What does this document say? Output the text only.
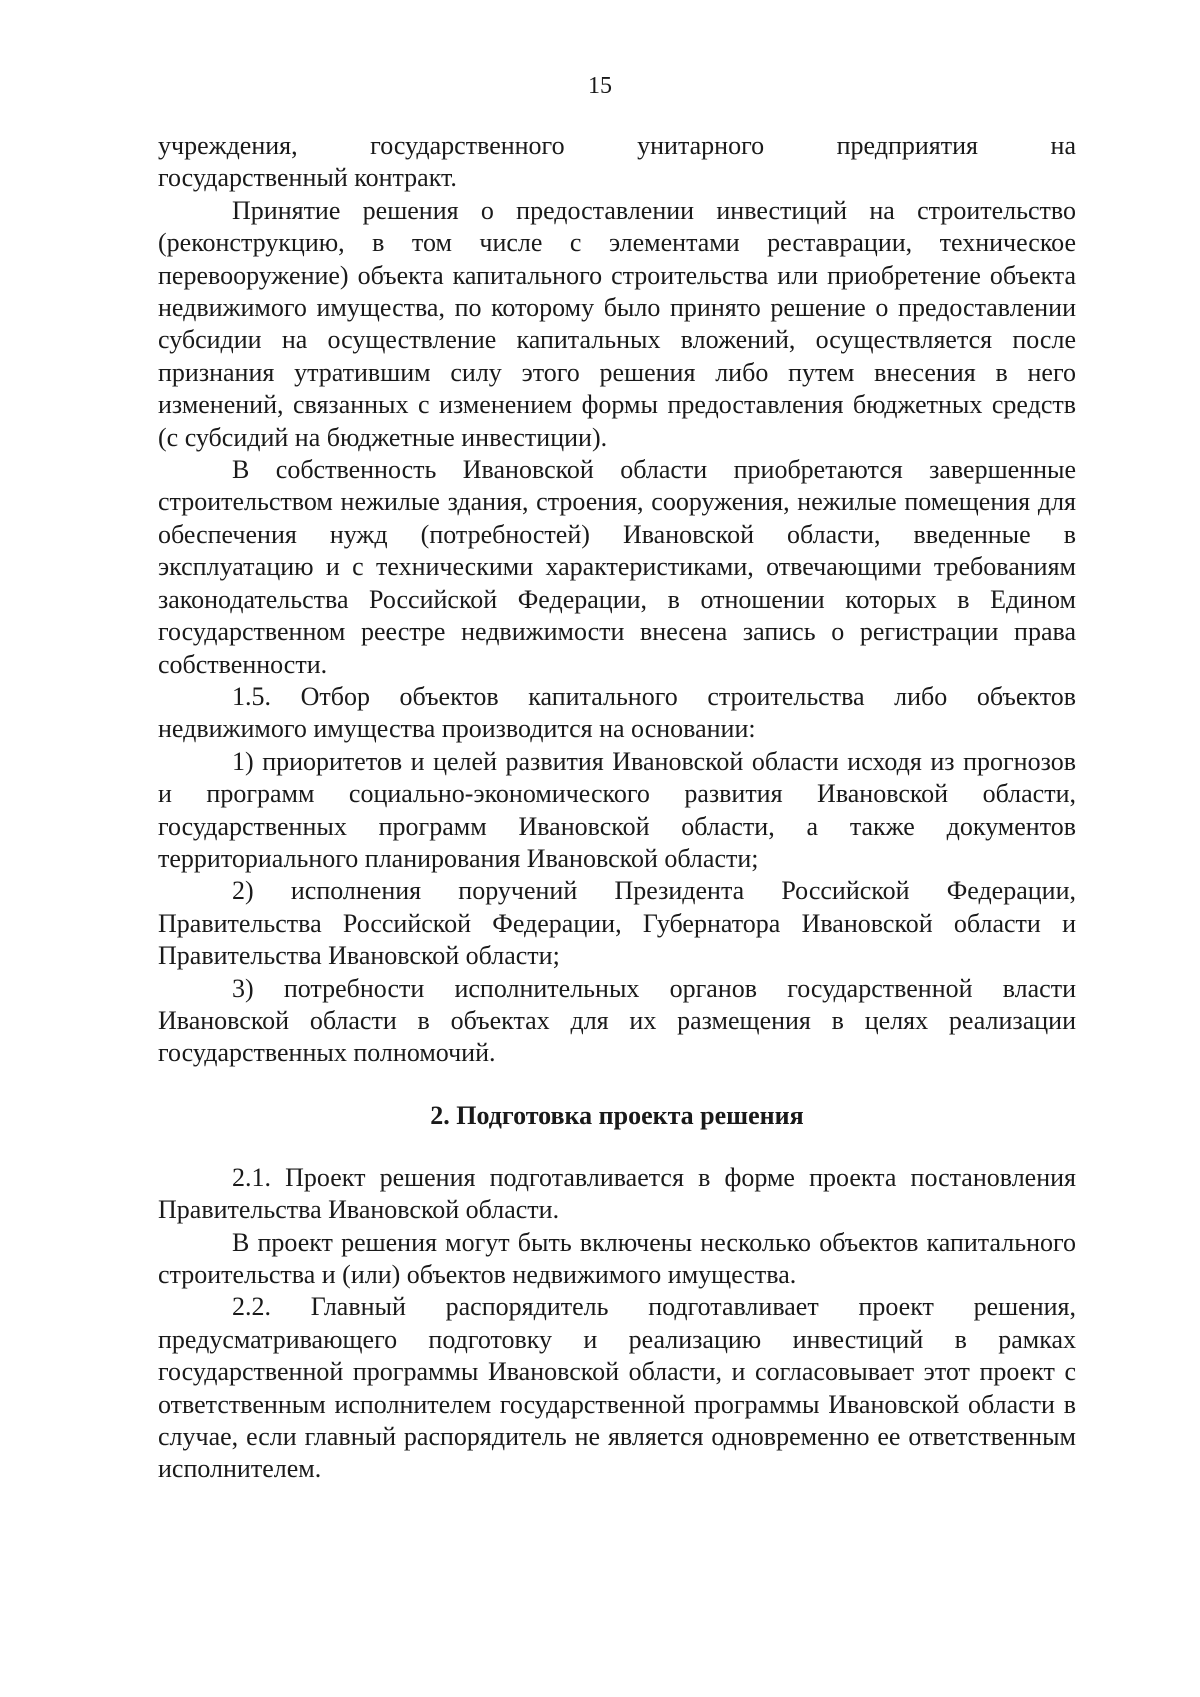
15

учреждения, государственного унитарного предприятия на

государственный контракт.

Принятие решения о предоставлении инвестиций на строительство (реконструкцию, в том числе с элементами реставрации, техническое перевооружение) объекта капитального строительства или приобретение объекта недвижимого имущества, по которому было принято решение о предоставлении субсидии на осуществление капитальных вложений, осуществляется после признания утратившим силу этого решения либо путем внесения в него изменений, связанных с изменением формы предоставления бюджетных средств (с субсидий на бюджетные инвестиции).

В собственность Ивановской области приобретаются завершенные строительством нежилые здания, строения, сооружения, нежилые помещения для обеспечения нужд (потребностей) Ивановской области, введенные в эксплуатацию и с техническими характеристиками, отвечающими требованиям законодательства Российской Федерации, в отношении которых в Едином государственном реестре недвижимости внесена запись о регистрации права собственности.

1.5. Отбор объектов капитального строительства либо объектов недвижимого имущества производится на основании:

1) приоритетов и целей развития Ивановской области исходя из прогнозов и программ социально-экономического развития Ивановской области, государственных программ Ивановской области, а также документов территориального планирования Ивановской области;

2) исполнения поручений Президента Российской Федерации, Правительства Российской Федерации, Губернатора Ивановской области и Правительства Ивановской области;

3) потребности исполнительных органов государственной власти Ивановской области в объектах для их размещения в целях реализации государственных полномочий.

2. Подготовка проекта решения

2.1. Проект решения подготавливается в форме проекта постановления Правительства Ивановской области.

В проект решения могут быть включены несколько объектов капитального строительства и (или) объектов недвижимого имущества.

2.2. Главный распорядитель подготавливает проект решения, предусматривающего подготовку и реализацию инвестиций в рамках государственной программы Ивановской области, и согласовывает этот проект с ответственным исполнителем государственной программы Ивановской области в случае, если главный распорядитель не является одновременно ее ответственным исполнителем.
